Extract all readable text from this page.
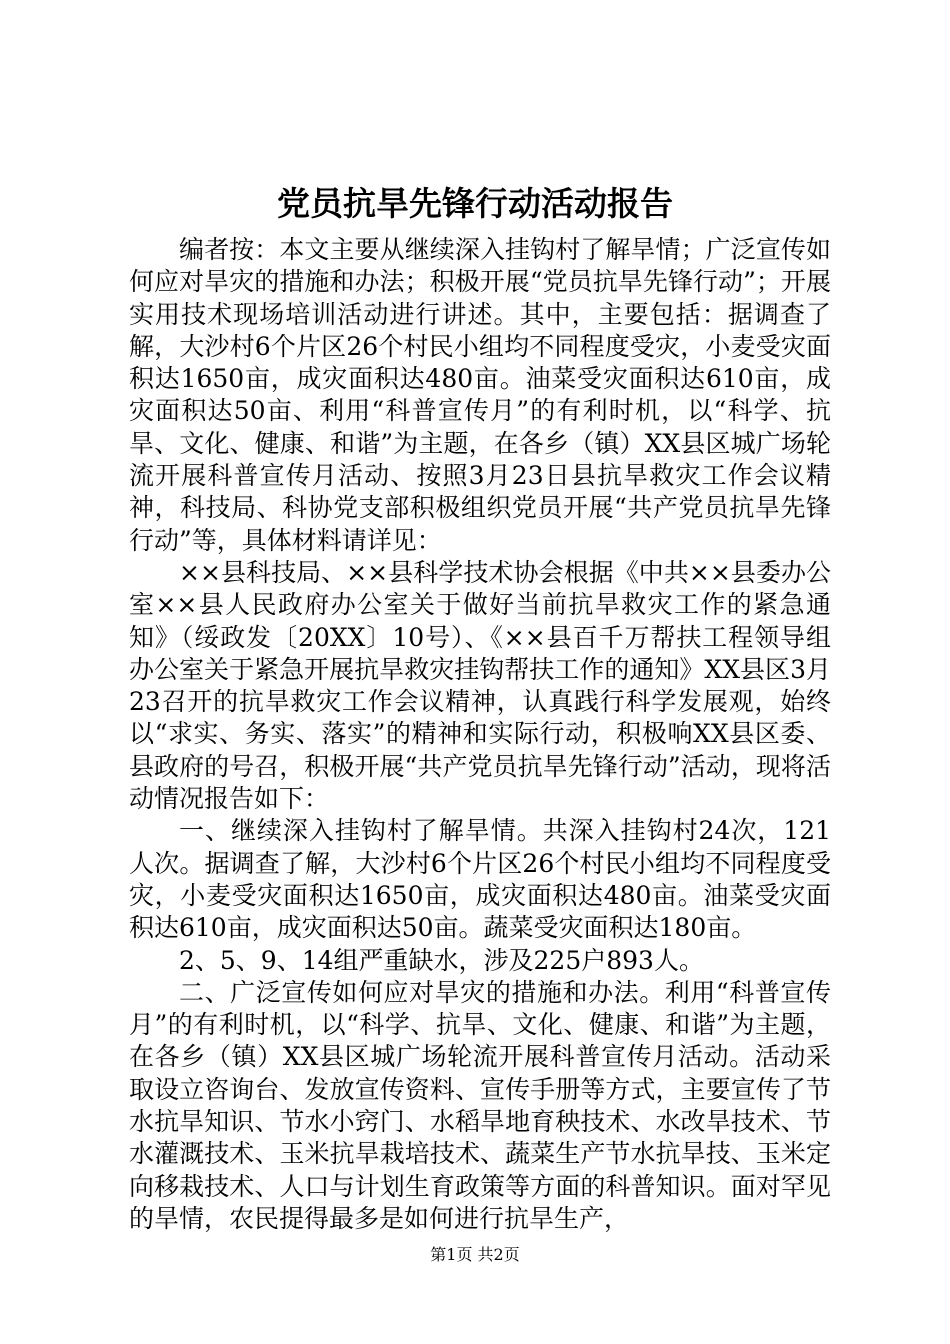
党员抗旱先锋行动活动报告

编者按：本文主要从继续深入挂钩村了解旱情；广泛宣传如何应对旱灾的措施和办法；积极开展“党员抗旱先锋行动”；开展实用技术现场培训活动进行讲述。其中，主要包括：据调查了解，大沙村6个片区26个村民小组均不同程度受灾，小麦受灾面积达1650亩，成灾面积达480亩。油菜受灾面积达610亩，成灾面积达50亩、利用“科普宣传月”的有利时机，以“科学、抗旱、文化、健康、和谐”为主题，在各乡（镇）XX县区城广场轮流开展科普宣传月活动、按照3月23日县抗旱救灾工作会议精神，科技局、科协党支部积极组织党员开展“共产党员抗旱先锋行动”等，具体材料请详见：

××县科技局、××县科学技术协会根据《中共××县委办公室××县人民政府办公室关于做好当前抗旱救灾工作的紧急通知》（绥政发〔20XX〕10号）、《××县百千万帮扶工程领导组办公室关于紧急开展抗旱救灾挂钩帮扶工作的通知》XX县区3月23召开的抗旱救灾工作会议精神，认真践行科学发展观，始终以“求实、务实、落实”的精神和实际行动，积极响XX县区委、县政府的号召，积极开展“共产党员抗旱先锋行动”活动，现将活动情况报告如下：

一、继续深入挂钩村了解旱情。共深入挂钩村24次，121人次。据调查了解，大沙村6个片区26个村民小组均不同程度受灾，小麦受灾面积达1650亩，成灾面积达480亩。油菜受灾面积达610亩，成灾面积达50亩。蔬菜受灾面积达180亩。

2、5、9、14组严重缺水，涉及225户893人。

二、广泛宣传如何应对旱灾的措施和办法。利用“科普宣传月”的有利时机，以“科学、抗旱、文化、健康、和谐”为主题，在各乡（镇）XX县区城广场轮流开展科普宣传月活动。活动采取设立咨询台、发放宣传资料、宣传手册等方式，主要宣传了节水抗旱知识、节水小窍门、水稻旱地育秧技术、水改旱技术、节水灌溉技术、玉米抗旱栽培技术、蔬菜生产节水抗旱技、玉米定向移栽技术、人口与计划生育政策等方面的科普知识。面对罕见的旱情，农民提得最多是如何进行抗旱生产，

第1页 共2页
